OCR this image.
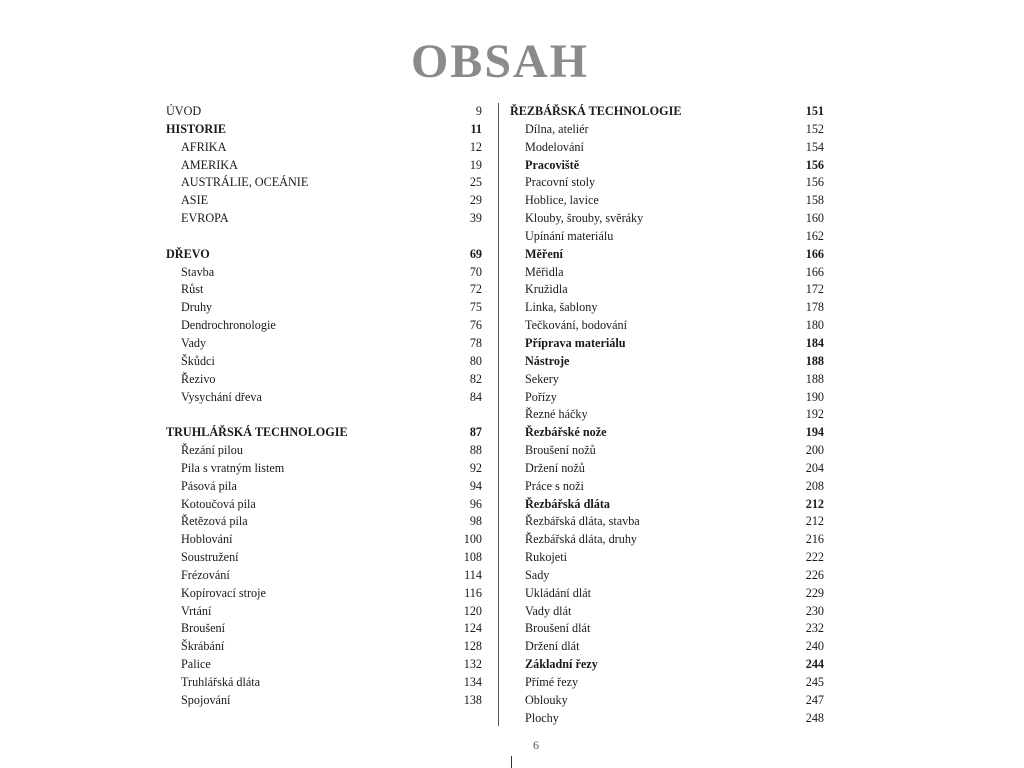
OBSAH
ÚVOD	9
HISTORIE	11
AFRIKA	12
AMERIKA	19
AUSTRÁLIE, OCEÁNIE	25
ASIE	29
EVROPA	39
DŘEVO	69
Stavba	70
Růst	72
Druhy	75
Dendrochronologie	76
Vady	78
Škůdci	80
Řezivo	82
Vysychání dřeva	84
TRUHLÁŘSKÁ TECHNOLOGIE	87
Řezání pilou	88
Pila s vratným listem	92
Pásová pila	94
Kotoučová pila	96
Řetězová pila	98
Hoblování	100
Soustružení	108
Frézování	114
Kopírovací stroje	116
Vrtání	120
Broušení	124
Škrábání	128
Palice	132
Truhlářská dláta	134
Spojování	138
ŘEZBÁŘSKÁ TECHNOLOGIE	151
Dílna, ateliér	152
Modelování	154
Pracoviště	156
Pracovní stoly	156
Hoblice, lavice	158
Klouby, šrouby, svěráky	160
Upínání materiálu	162
Měření	166
Měřidla	166
Kružidla	172
Linka, šablony	178
Tečkování, bodování	180
Příprava materiálu	184
Nástroje	188
Sekery	188
Pořízy	190
Řezné háčky	192
Řezbářské nože	194
Broušení nožů	200
Držení nožů	204
Práce s noži	208
Řezbářská dláta	212
Řezbářská dláta, stavba	212
Řezbářská dláta, druhy	216
Rukojeti	222
Sady	226
Ukládání dlát	229
Vady dlát	230
Broušení dlát	232
Držení dlát	240
Základní řezy	244
Přímé řezy	245
Oblouky	247
Plochy	248
6
